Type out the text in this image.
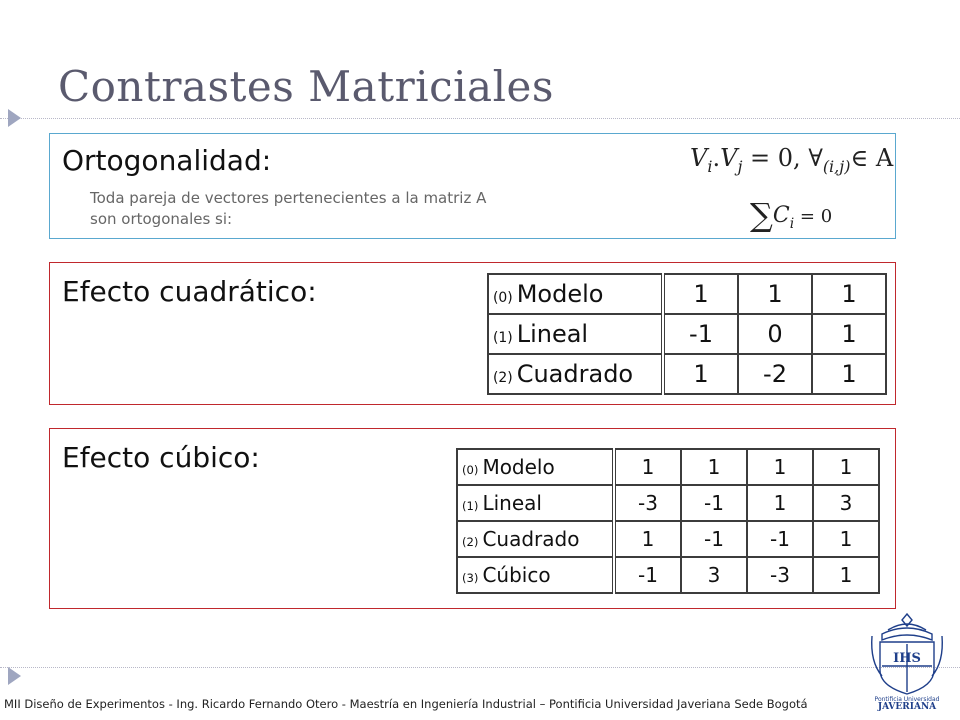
Contrastes Matriciales
Ortogonalidad:
Toda pareja de vectores pertenecientes a la matriz A son ortogonales si:
$V_i.V_j = 0$, $\forall_{(i,j)}\in$ A
$\sum C_i = 0$
Efecto cuadrático:	(0) Modelo	1	1	1
(1) Lineal	-1	0	1
(2) Cuadrado	1	-2	1
Efecto cúbico:	(0) Modelo	1	1	1	1
(1) Lineal	-3	-1	1	3
(2) Cuadrado	1	-1	-1	1
(3) Cúbico	-1	3	-3	1
MII Diseño de Experimentos - Ing. Ricardo Fernando Otero - Maestría en Ingeniería Industrial – Pontificia Universidad Javeriana Sede Bogotá
IHS
Pontificia Universidad
JAVERIANA
